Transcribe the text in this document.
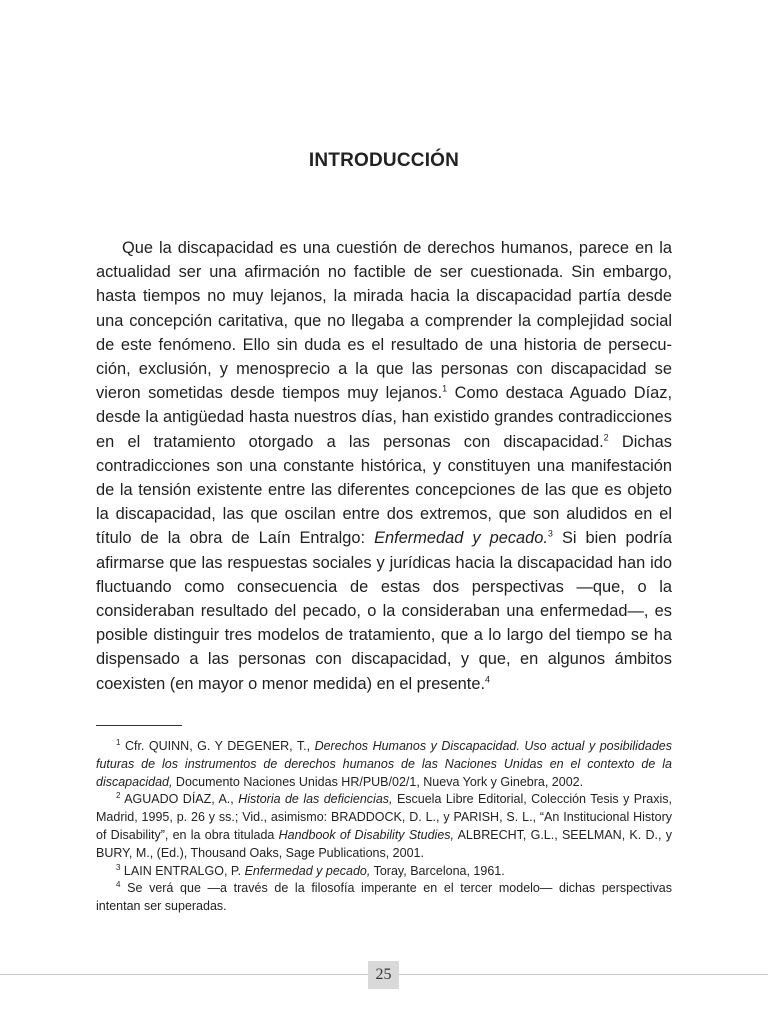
INTRODUCCIÓN

Que la discapacidad es una cuestión de derechos humanos, parece en la actualidad ser una afirmación no factible de ser cuestionada. Sin embargo, hasta tiempos no muy lejanos, la mirada hacia la discapacidad partía desde una concepción caritativa, que no llegaba a comprender la complejidad social de este fenómeno. Ello sin duda es el resultado de una historia de persecución, exclusión, y menosprecio a la que las personas con discapacidad se vieron sometidas desde tiempos muy lejanos.$^1$ Como destaca Aguado Díaz, desde la antigüedad hasta nuestros días, han existido grandes contradicciones en el tratamiento otorgado a las personas con discapacidad.$^2$ Dichas contradicciones son una constante histórica, y constituyen una manifestación de la tensión existente entre las diferentes concepciones de las que es objeto la discapacidad, las que oscilan entre dos extremos, que son aludidos en el título de la obra de Laín Entralgo: Enfermedad y pecado.$^3$ Si bien podría afirmarse que las respuestas sociales y jurídicas hacia la discapacidad han ido fluctuando como consecuencia de estas dos perspectivas —que, o la consideraban resultado del pecado, o la consideraban una enfermedad—, es posible distinguir tres modelos de tratamiento, que a lo largo del tiempo se ha dispensado a las personas con discapacidad, y que, en algunos ámbitos coexisten (en mayor o menor medida) en el presente.$^4$

$^1$ Cfr. QUINN, G. Y DEGENER, T., Derechos Humanos y Discapacidad. Uso actual y posibilidades futuras de los instrumentos de derechos humanos de las Naciones Unidas en el contexto de la discapacidad, Documento Naciones Unidas HR/PUB/02/1, Nueva York y Ginebra, 2002.

$^2$ AGUADO DÍAZ, A., Historia de las deficiencias, Escuela Libre Editorial, Colección Tesis y Praxis, Madrid, 1995, p. 26 y ss.; Vid., asimismo: BRADDOCK, D. L., y PARISH, S. L., “An Institucional History of Disability”, en la obra titulada Handbook of Disability Studies, ALBRECHT, G.L., SEELMAN, K. D., y BURY, M., (Ed.), Thousand Oaks, Sage Publications, 2001.

$^3$ LAIN ENTRALGO, P. Enfermedad y pecado, Toray, Barcelona, 1961.

$^4$ Se verá que —a través de la filosofía imperante en el tercer modelo— dichas perspectivas intentan ser superadas.

25
